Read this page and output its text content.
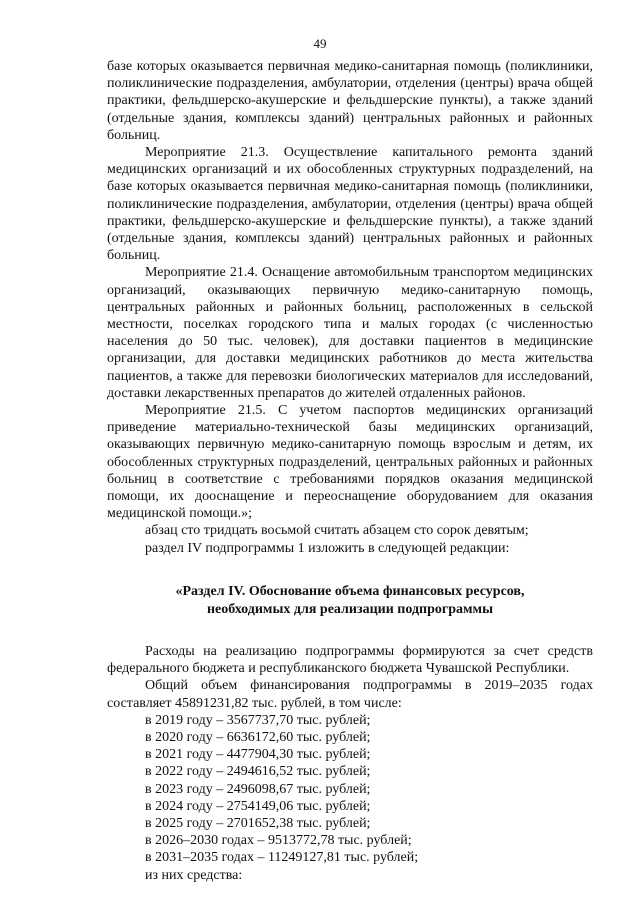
49

базе которых оказывается первичная медико-санитарная помощь (поликлиники, поликлинические подразделения, амбулатории, отделения (центры) врача общей практики, фельдшерско-акушерские и фельдшерские пункты), а также зданий (отдельные здания, комплексы зданий) центральных районных и районных больниц.

Мероприятие 21.3. Осуществление капитального ремонта зданий медицинских организаций и их обособленных структурных подразделений, на базе которых оказывается первичная медико-санитарная помощь (поликлиники, поликлинические подразделения, амбулатории, отделения (центры) врача общей практики, фельдшерско-акушерские и фельдшерские пункты), а также зданий (отдельные здания, комплексы зданий) центральных районных и районных больниц.

Мероприятие 21.4. Оснащение автомобильным транспортом медицинских организаций, оказывающих первичную медико-санитарную помощь, центральных районных и районных больниц, расположенных в сельской местности, поселках городского типа и малых городах (с численностью населения до 50 тыс. человек), для доставки пациентов в медицинские организации, для доставки медицинских работников до места жительства пациентов, а также для перевозки биологических материалов для исследований, доставки лекарственных препаратов до жителей отдаленных районов.

Мероприятие 21.5. С учетом паспортов медицинских организаций приведение материально-технической базы медицинских организаций, оказывающих первичную медико-санитарную помощь взрослым и детям, их обособленных структурных подразделений, центральных районных и районных больниц в соответствие с требованиями порядков оказания медицинской помощи, их дооснащение и переоснащение оборудованием для оказания медицинской помощи.»;

абзац сто тридцать восьмой считать абзацем сто сорок девятым;

раздел IV подпрограммы 1 изложить в следующей редакции:

«Раздел IV. Обоснование объема финансовых ресурсов,
необходимых для реализации подпрограммы

Расходы на реализацию подпрограммы формируются за счет средств федерального бюджета и республиканского бюджета Чувашской Республики.

Общий объем финансирования подпрограммы в 2019–2035 годах составляет 45891231,82 тыс. рублей, в том числе:

в 2019 году – 3567737,70 тыс. рублей;
в 2020 году – 6636172,60 тыс. рублей;
в 2021 году – 4477904,30 тыс. рублей;
в 2022 году – 2494616,52 тыс. рублей;
в 2023 году – 2496098,67 тыс. рублей;
в 2024 году – 2754149,06 тыс. рублей;
в 2025 году – 2701652,38 тыс. рублей;
в 2026–2030 годах – 9513772,78 тыс. рублей;
в 2031–2035 годах – 11249127,81 тыс. рублей;
из них средства:
